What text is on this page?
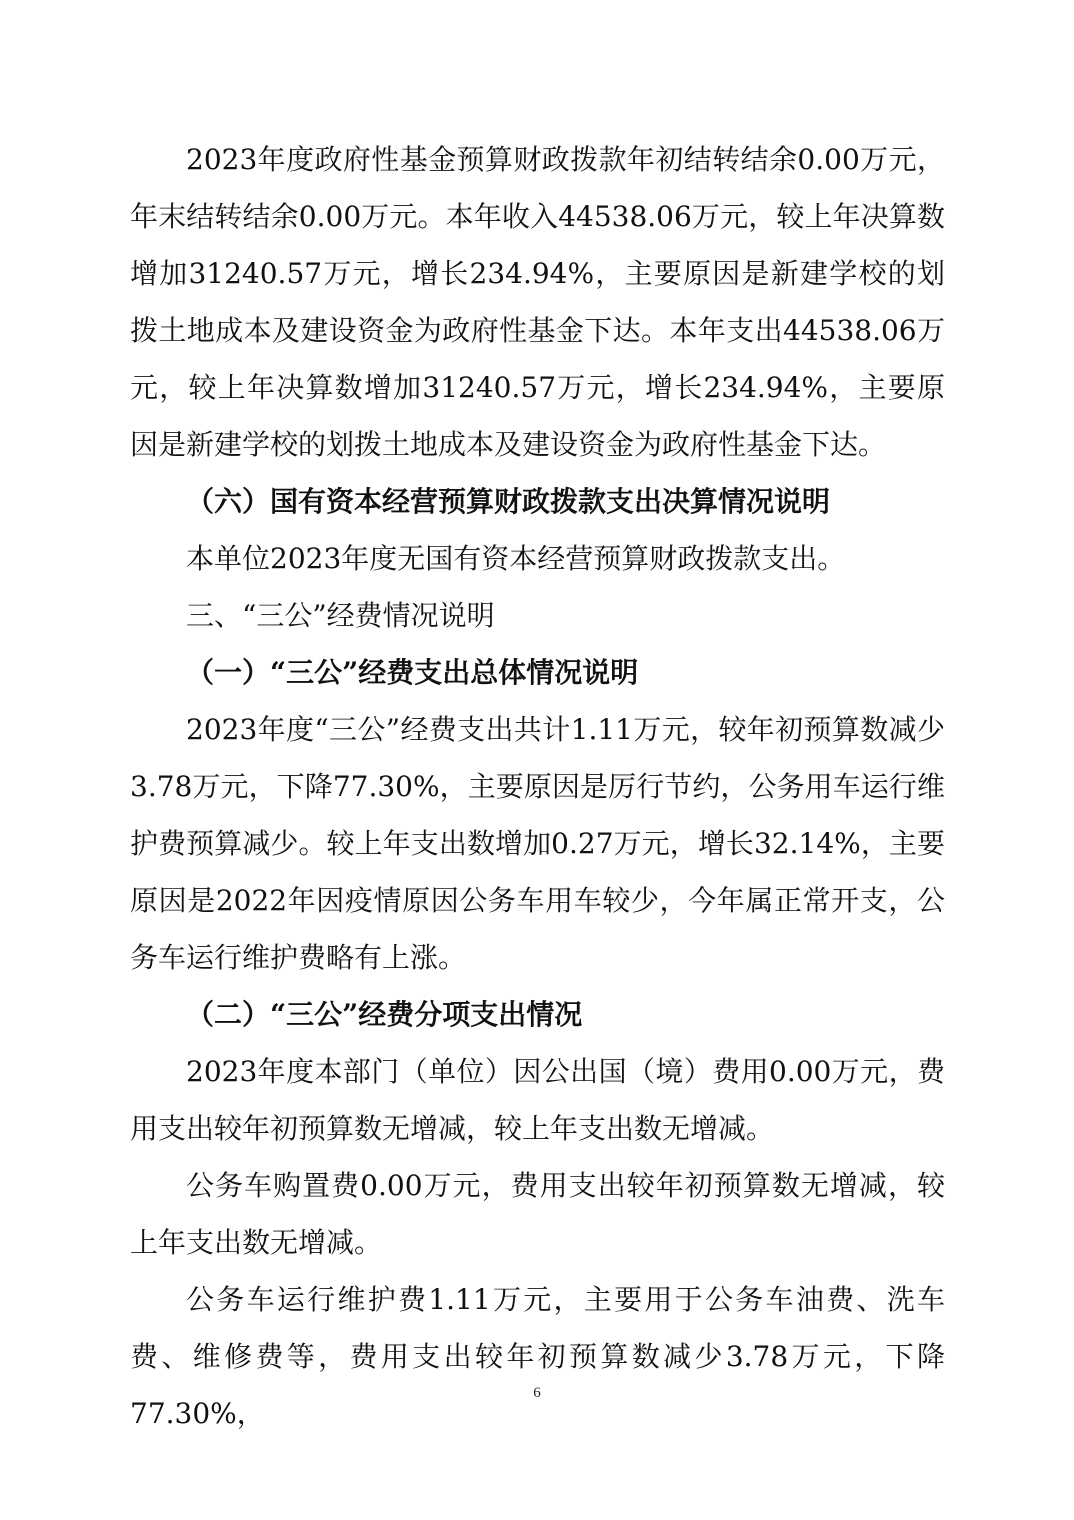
2023年度政府性基金预算财政拨款年初结转结余0.00万元，年末结转结余0.00万元。本年收入44538.06万元，较上年决算数增加31240.57万元，增长234.94%，主要原因是新建学校的划拨土地成本及建设资金为政府性基金下达。本年支出44538.06万元，较上年决算数增加31240.57万元，增长234.94%，主要原因是新建学校的划拨土地成本及建设资金为政府性基金下达。

（六）国有资本经营预算财政拨款支出决算情况说明

本单位2023年度无国有资本经营预算财政拨款支出。

三、“三公”经费情况说明

（一）“三公”经费支出总体情况说明

2023年度“三公”经费支出共计1.11万元，较年初预算数减少3.78万元，下降77.30%，主要原因是厉行节约，公务用车运行维护费预算减少。较上年支出数增加0.27万元，增长32.14%，主要原因是2022年因疫情原因公务车用车较少，今年属正常开支，公务车运行维护费略有上涨。

（二）“三公”经费分项支出情况

2023年度本部门（单位）因公出国（境）费用0.00万元，费用支出较年初预算数无增减，较上年支出数无增减。

公务车购置费0.00万元，费用支出较年初预算数无增减，较上年支出数无增减。

公务车运行维护费1.11万元，主要用于公务车油费、洗车费、维修费等，费用支出较年初预算数减少3.78万元，下降77.30%，

6
